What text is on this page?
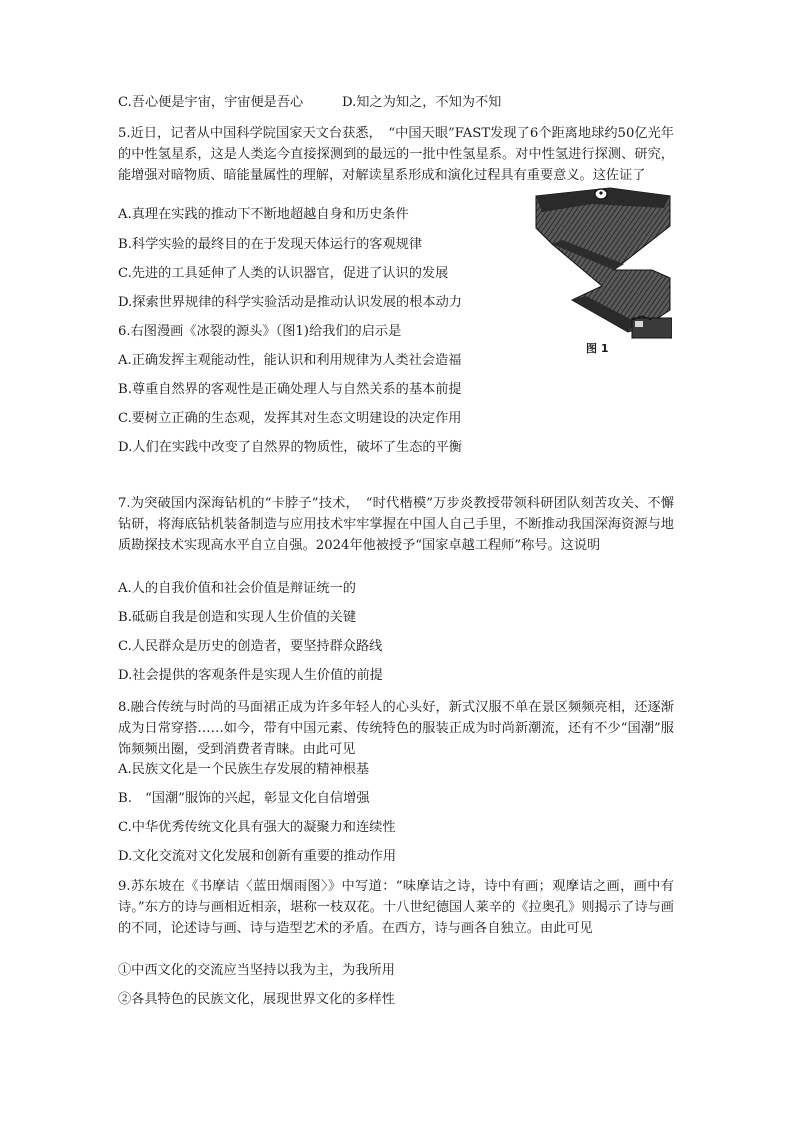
C.吾心便是宇宙，宇宙便是吾心	D.知之为知之，不知为不知
5.近日，记者从中国科学院国家天文台获悉，　“中国天眼”FAST发现了6个距离地球约50亿光年的中性氢星系，这是人类迄今直接探测到的最远的一批中性氢星系。对中性氢进行探测、研究，能增强对暗物质、暗能量属性的理解，对解读星系形成和演化过程具有重要意义。这佐证了
A.真理在实践的推动下不断地超越自身和历史条件
B.科学实验的最终目的在于发现天体运行的客观规律
C.先进的工具延伸了人类的认识器官，促进了认识的发展
D.探索世界规律的科学实验活动是推动认识发展的根本动力
6.右图漫画《冰裂的源头》（图1)给我们的启示是
A.正确发挥主观能动性，能认识和利用规律为人类社会造福
B.尊重自然界的客观性是正确处理人与自然关系的基本前提
C.要树立正确的生态观，发挥其对生态文明建设的决定作用
D.人们在实践中改变了自然界的物质性，破坏了生态的平衡
图 1
7.为突破国内深海钻机的“卡脖子”技术，　“时代楷模”万步炎教授带领科研团队刻苦攻关、不懈钻研，将海底钻机装备制造与应用技术牢牢掌握在中国人自己手里，不断推动我国深海资源与地质勘探技术实现高水平自立自强。2024年他被授予“国家卓越工程师”称号。这说明
A.人的自我价值和社会价值是辩证统一的
B.砥砺自我是创造和实现人生价值的关键
C.人民群众是历史的创造者，要坚持群众路线
D.社会提供的客观条件是实现人生价值的前提
8.融合传统与时尚的马面裙正成为许多年轻人的心头好，新式汉服不单在景区频频亮相，还逐渐成为日常穿搭……如今，带有中国元素、传统特色的服装正成为时尚新潮流，还有不少“国潮”服饰频频出圈，受到消费者青睐。由此可见
A.民族文化是一个民族生存发展的精神根基
B.　“国潮”服饰的兴起，彰显文化自信增强
C.中华优秀传统文化具有强大的凝聚力和连续性
D.文化交流对文化发展和创新有重要的推动作用
9.苏东坡在《书摩诘〈蓝田烟雨图〉》中写道：“味摩诘之诗，诗中有画；观摩诘之画，画中有诗。”东方的诗与画相近相亲，堪称一枝双花。十八世纪德国人莱辛的《拉奥孔》则揭示了诗与画的不同，论述诗与画、诗与造型艺术的矛盾。在西方，诗与画各自独立。由此可见
①中西文化的交流应当坚持以我为主，为我所用
②各具特色的民族文化，展现世界文化的多样性
